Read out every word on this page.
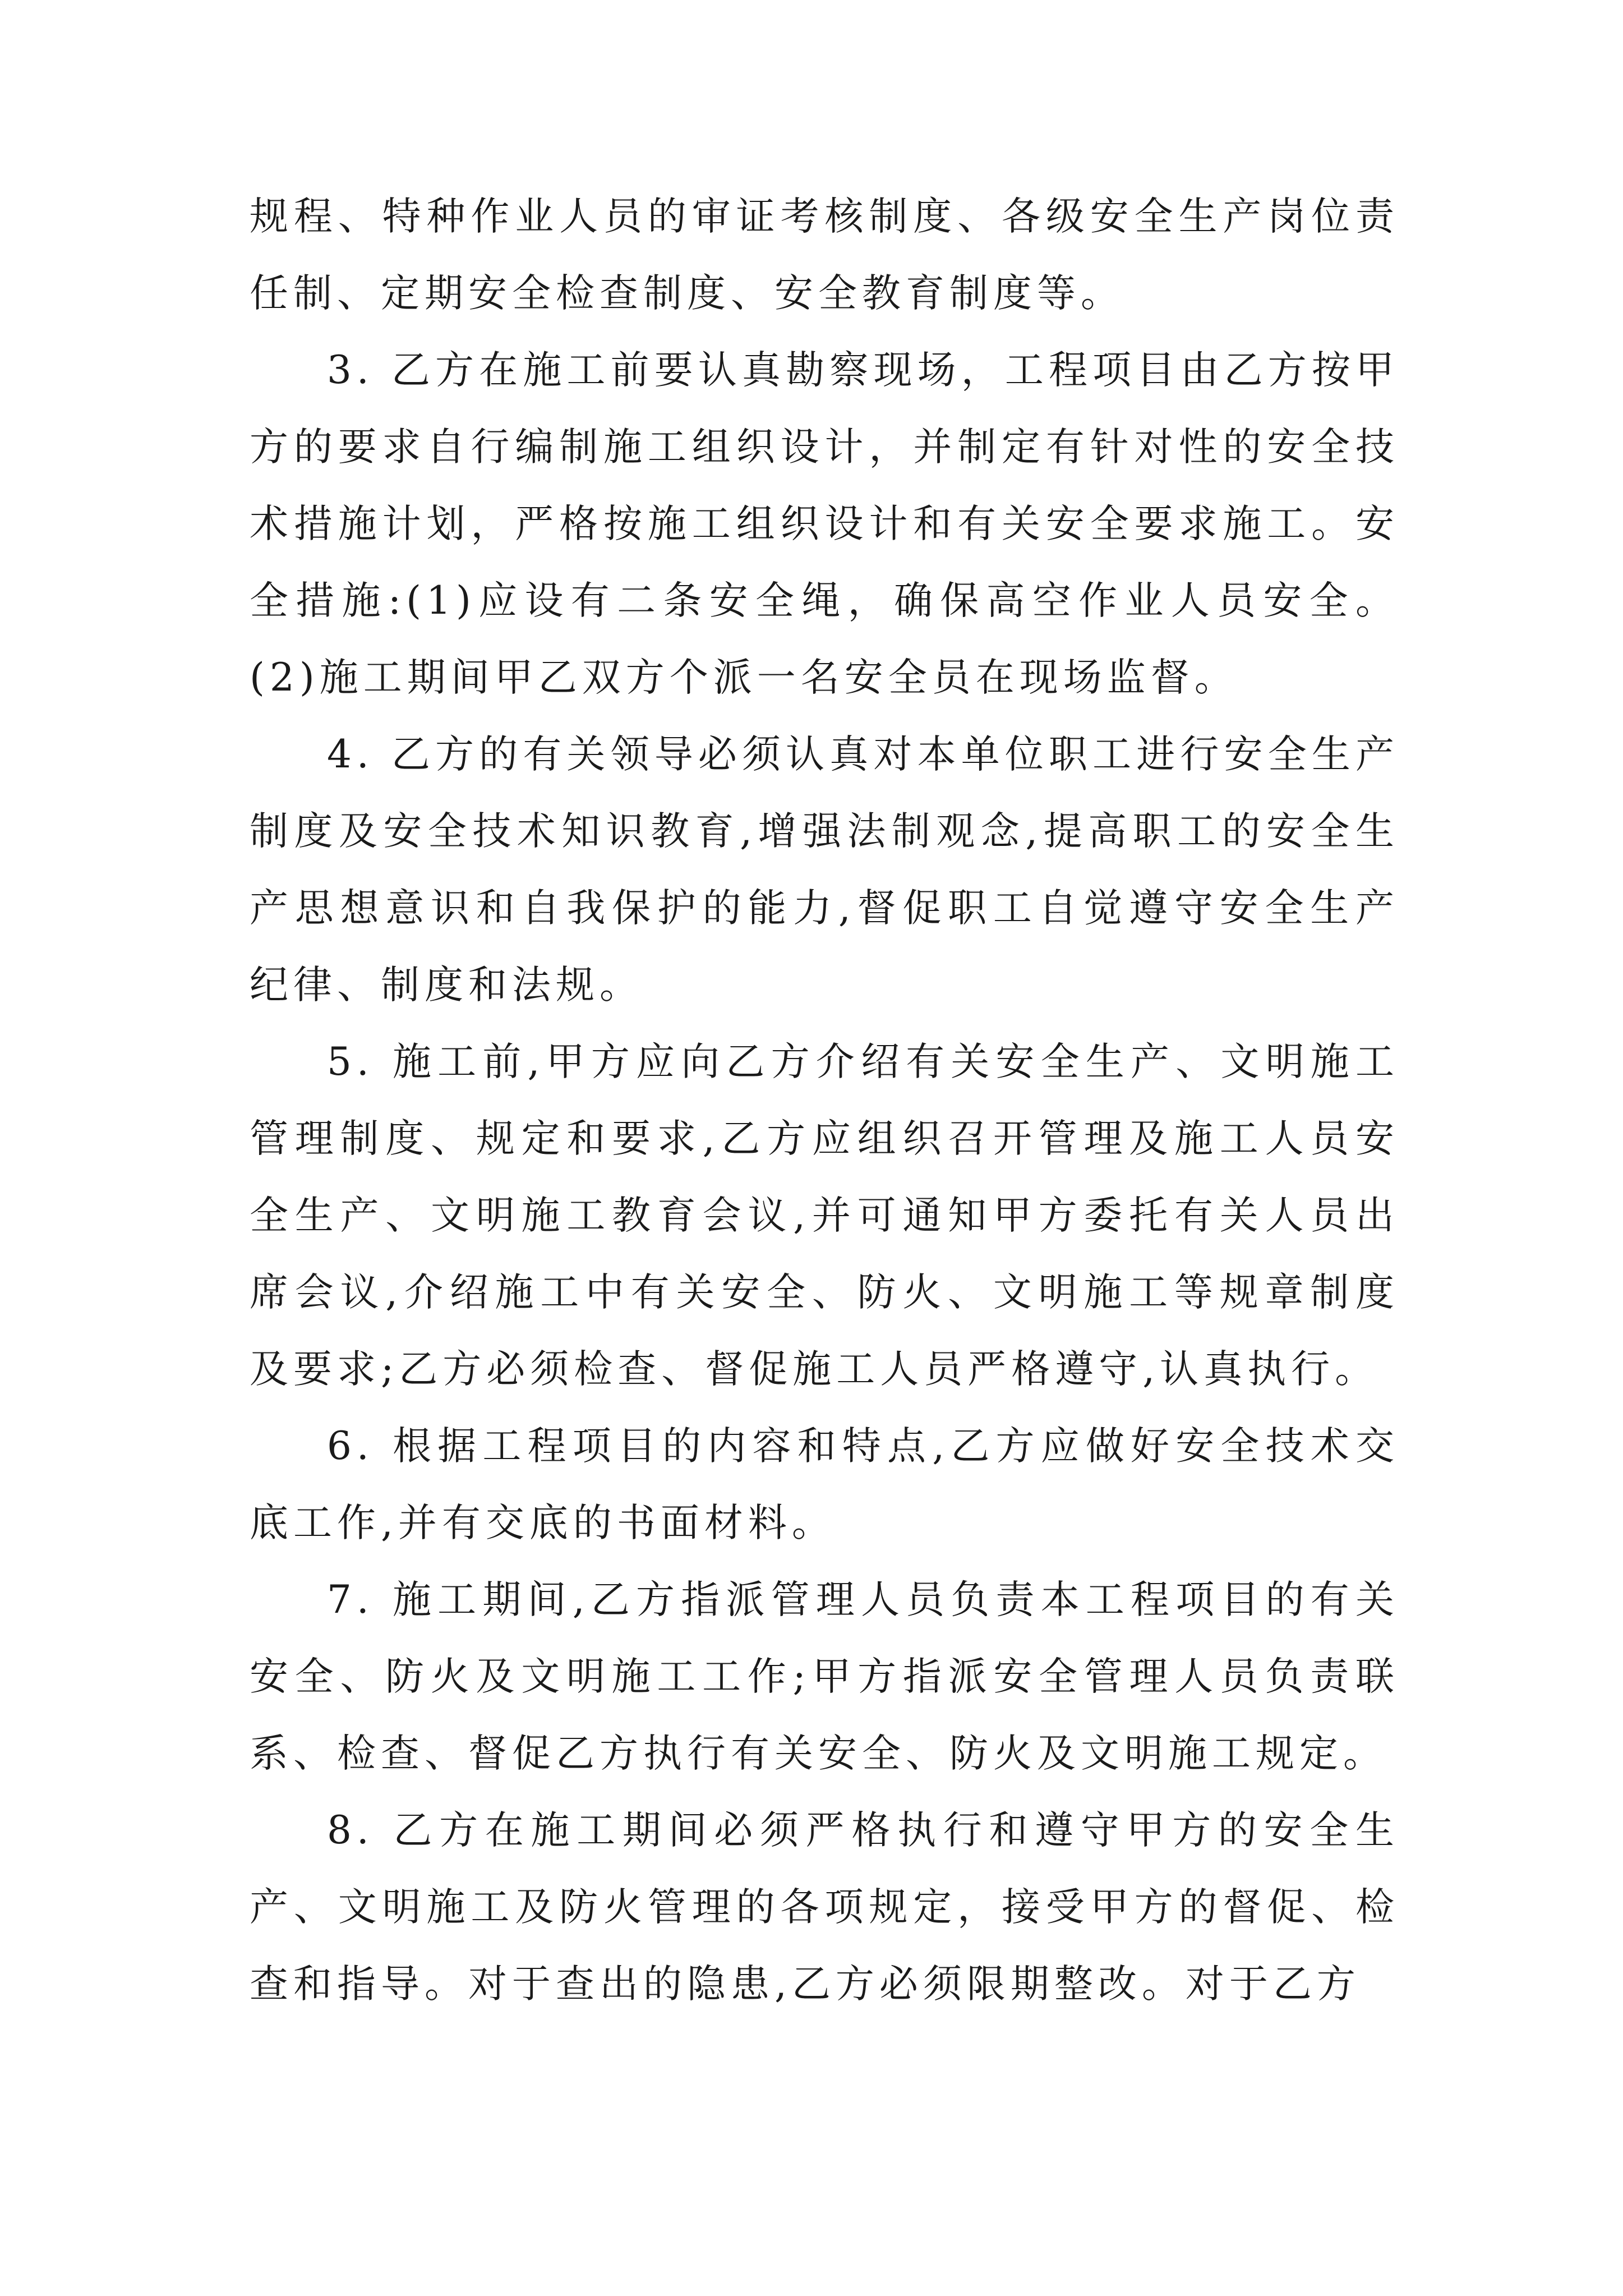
规程、特种作业人员的审证考核制度、各级安全生产岗位责任制、定期安全检查制度、安全教育制度等。

3. 乙方在施工前要认真勘察现场，工程项目由乙方按甲方的要求自行编制施工组织设计，并制定有针对性的安全技术措施计划，严格按施工组织设计和有关安全要求施工。安全措施:(1)应设有二条安全绳，确保高空作业人员安全。(2)施工期间甲乙双方个派一名安全员在现场监督。

4. 乙方的有关领导必须认真对本单位职工进行安全生产制度及安全技术知识教育,增强法制观念,提高职工的安全生产思想意识和自我保护的能力,督促职工自觉遵守安全生产纪律、制度和法规。

5. 施工前,甲方应向乙方介绍有关安全生产、文明施工管理制度、规定和要求,乙方应组织召开管理及施工人员安全生产、文明施工教育会议,并可通知甲方委托有关人员出席会议,介绍施工中有关安全、防火、文明施工等规章制度及要求;乙方必须检查、督促施工人员严格遵守,认真执行。

6. 根据工程项目的内容和特点,乙方应做好安全技术交底工作,并有交底的书面材料。

7. 施工期间,乙方指派管理人员负责本工程项目的有关安全、防火及文明施工工作;甲方指派安全管理人员负责联系、检查、督促乙方执行有关安全、防火及文明施工规定。

8. 乙方在施工期间必须严格执行和遵守甲方的安全生产、文明施工及防火管理的各项规定，接受甲方的督促、检查和指导。对于查出的隐患,乙方必须限期整改。对于乙方
